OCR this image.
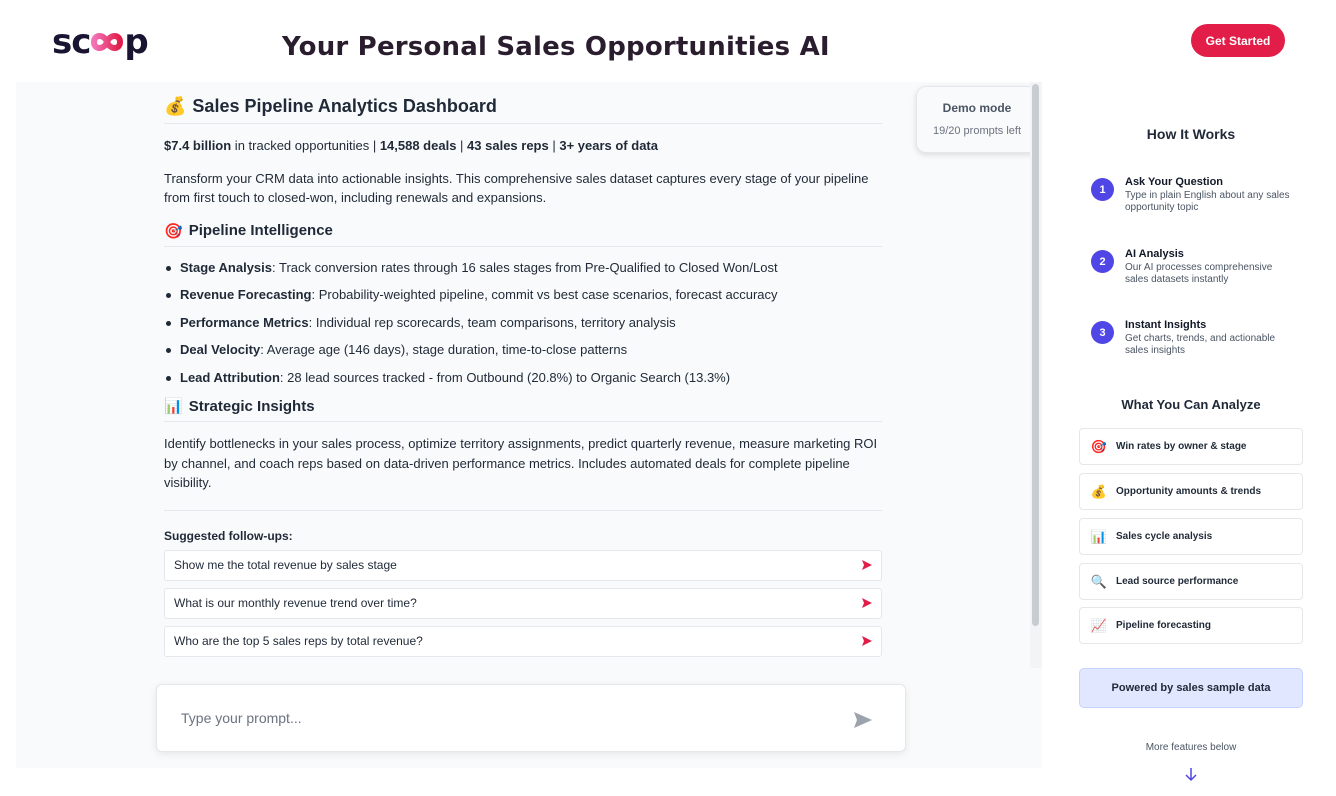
sc p	Your Personal Sales Opportunities AI	Get Started
💰 Sales Pipeline Analytics Dashboard
$7.4 billion in tracked opportunities | 14,588 deals | 43 sales reps | 3+ years of data
Transform your CRM data into actionable insights. This comprehensive sales dataset captures every stage of your pipeline from first touch to closed-won, including renewals and expansions.
🎯 Pipeline Intelligence
Stage Analysis: Track conversion rates through 16 sales stages from Pre-Qualified to Closed Won/Lost
Revenue Forecasting: Probability-weighted pipeline, commit vs best case scenarios, forecast accuracy
Performance Metrics: Individual rep scorecards, team comparisons, territory analysis
Deal Velocity: Average age (146 days), stage duration, time-to-close patterns
Lead Attribution: 28 lead sources tracked - from Outbound (20.8%) to Organic Search (13.3%)
📊 Strategic Insights
Identify bottlenecks in your sales process, optimize territory assignments, predict quarterly revenue, measure marketing ROI by channel, and coach reps based on data-driven performance metrics. Includes automated deals for complete pipeline visibility.
Suggested follow-ups:
Show me the total revenue by sales stage
What is our monthly revenue trend over time?
Who are the top 5 sales reps by total revenue?
Demo mode
19/20 prompts left
Type your prompt...	How It Works
1
Ask Your Question
Type in plain English about any sales opportunity topic
2
AI Analysis
Our AI processes comprehensive sales datasets instantly
3
Instant Insights
Get charts, trends, and actionable sales insights
What You Can Analyze
🎯 Win rates by owner & stage
💰 Opportunity amounts & trends
📊 Sales cycle analysis
🔍 Lead source performance
📈 Pipeline forecasting
Powered by sales sample data
More features below
